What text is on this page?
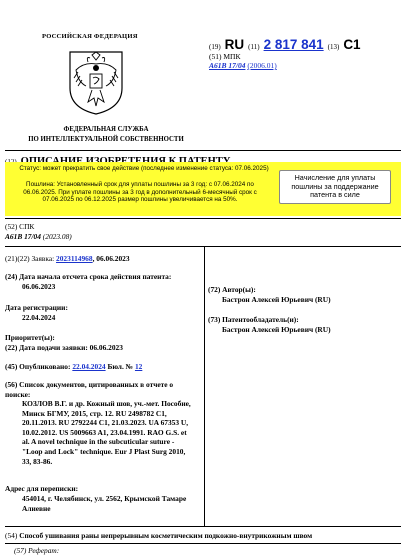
РОССИЙСКАЯ ФЕДЕРАЦИЯ
ФЕДЕРАЛЬНАЯ СЛУЖБА
ПО ИНТЕЛЛЕКТУАЛЬНОЙ СОБСТВЕННОСТИ
(19) RU (11) 2 817 841 (13) C1
(51) МПК
A61B 17/04 (2006.01)
Статус: может прекратить свое действие (последнее изменение статуса: 07.06.2025)
Пошлина: Установленный срок для уплаты пошлины за 3 год: с 07.06.2024 по 06.06.2025. При уплате пошлины за 3 год в дополнительный 6-месячный срок с 07.06.2025 по 06.12.2025 размер пошлины увеличивается на 50%.
Начисление для уплаты пошлины за поддержание патента в силе
(52) СПК
A61B 17/04 (2023.08)
(21)(22) Заявка: 2023114968, 06.06.2023
(24) Дата начала отсчета срока действия патента:
06.06.2023
Дата регистрации:
22.04.2024
Приоритет(ы):
(22) Дата подачи заявки: 06.06.2023
(45) Опубликовано: 22.04.2024 Бюл. № 12
(56) Список документов, цитированных в отчете о поиске:
КОЗЛОВ В.Г. и др. Кожный шов, уч.-мет. Пособие, Минск БГМУ, 2015, стр. 12. RU 2498782 C1, 20.11.2013. RU 2792244 C1, 21.03.2023. UA 67353 U, 10.02.2012. US 5009663 A1, 23.04.1991. RAO G.S. et al. A novel technique in the subcuticular suture - "Loop and Lock" technique. Eur J Plast Surg 2010, 33, 83-86.
Адрес для переписки:
454014, г. Челябинск, ул. 2562, Крымской Тамаре Алиевне
(72) Автор(ы):
Бастрон Алексей Юрьевич (RU)
(73) Патентообладатель(и):
Бастрон Алексей Юрьевич (RU)
(54) Способ ушивания раны непрерывным косметическим подкожно-внутрикожным швом
(57) Реферат:
